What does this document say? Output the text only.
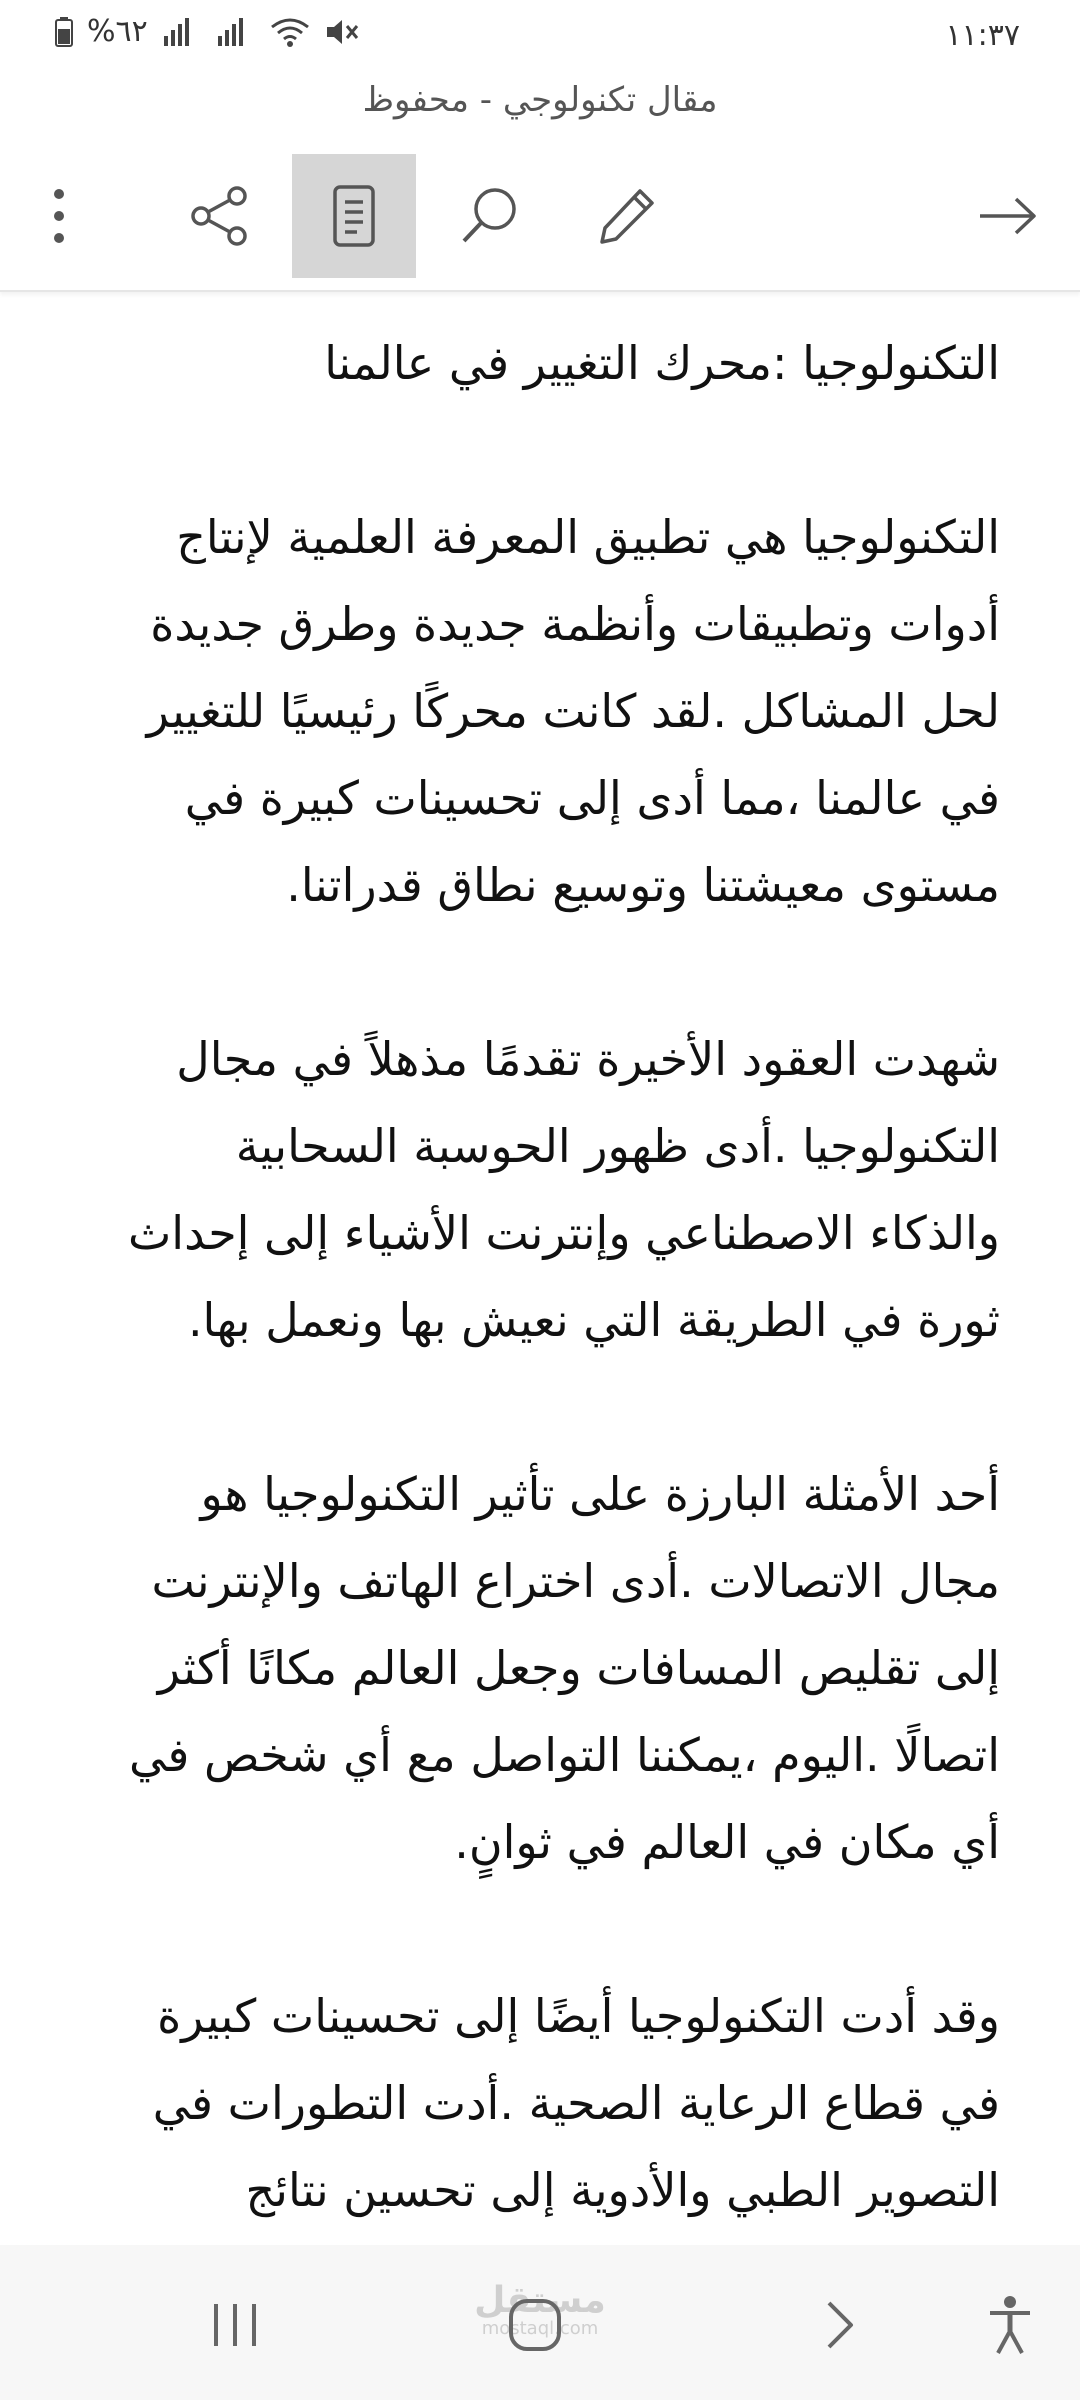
%٦٢	١١:٣٧
مقال تكنولوجي - محفوظ
التكنولوجيا :محرك التغيير في عالمنا

التكنولوجيا هي تطبيق المعرفة العلمية لإنتاج أدوات وتطبيقات وأنظمة جديدة وطرق جديدة لحل المشاكل .لقد كانت محركًا رئيسيًا للتغيير في عالمنا ،مما أدى إلى تحسينات كبيرة في مستوى معيشتنا وتوسيع نطاق قدراتنا.

شهدت العقود الأخيرة تقدمًا مذهلاً في مجال التكنولوجيا .أدى ظهور الحوسبة السحابية والذكاء الاصطناعي وإنترنت الأشياء إلى إحداث ثورة في الطريقة التي نعيش بها ونعمل بها.

أحد الأمثلة البارزة على تأثير التكنولوجيا هو مجال الاتصالات .أدى اختراع الهاتف والإنترنت إلى تقليص المسافات وجعل العالم مكانًا أكثر اتصالًا .اليوم ،يمكننا التواصل مع أي شخص في أي مكان في العالم في ثوانٍ.

وقد أدت التكنولوجيا أيضًا إلى تحسينات كبيرة في قطاع الرعاية الصحية .أدت التطورات في التصوير الطبي والأدوية إلى تحسين نتائج

مستقل
mostaql.com
